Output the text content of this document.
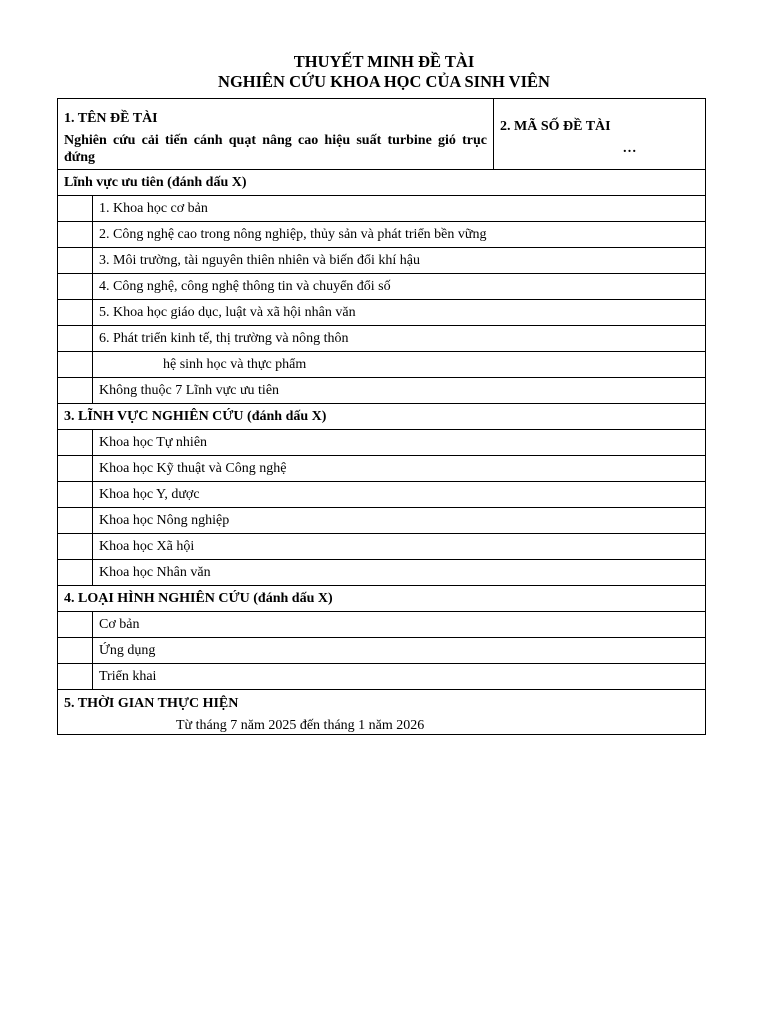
THUYẾT MINH ĐỀ TÀI
NGHIÊN CỨU KHOA HỌC CỦA SINH VIÊN
1. TÊN ĐỀ TÀI
Nghiên cứu cải tiến cánh quạt nâng cao hiệu suất turbine gió trục đứng		2. MÃ SỐ ĐỀ TÀI
…

Lĩnh vực ưu tiên (đánh dấu X)		
	1. Khoa học cơ bản	
	2. Công nghệ cao trong nông nghiệp, thủy sản và phát triển bền vững	
	3. Môi trường, tài nguyên thiên nhiên và biến đổi khí hậu	
	4. Công nghệ, công nghệ thông tin và chuyển đổi số	
	5. Khoa học giáo dục, luật và xã hội nhân văn	
	6. Phát triển kinh tế, thị trường và nông thôn	
	hệ sinh học và thực phẩm	
	Không thuộc 7 Lĩnh vực ưu tiên	
3. LĨNH VỰC NGHIÊN CỨU (đánh dấu X)		
	Khoa học Tự nhiên	
	Khoa học Kỹ thuật và Công nghệ	
	Khoa học Y, dược	
	Khoa học Nông nghiệp	
	Khoa học Xã hội	
	Khoa học Nhân văn	
4. LOẠI HÌNH NGHIÊN CỨU (đánh dấu X)		
	Cơ bản	
	Ứng dụng	
	Triển khai	

5. THỜI GIAN THỰC HIỆN
Từ tháng 7 năm 2025 đến tháng 1 năm 2026		
